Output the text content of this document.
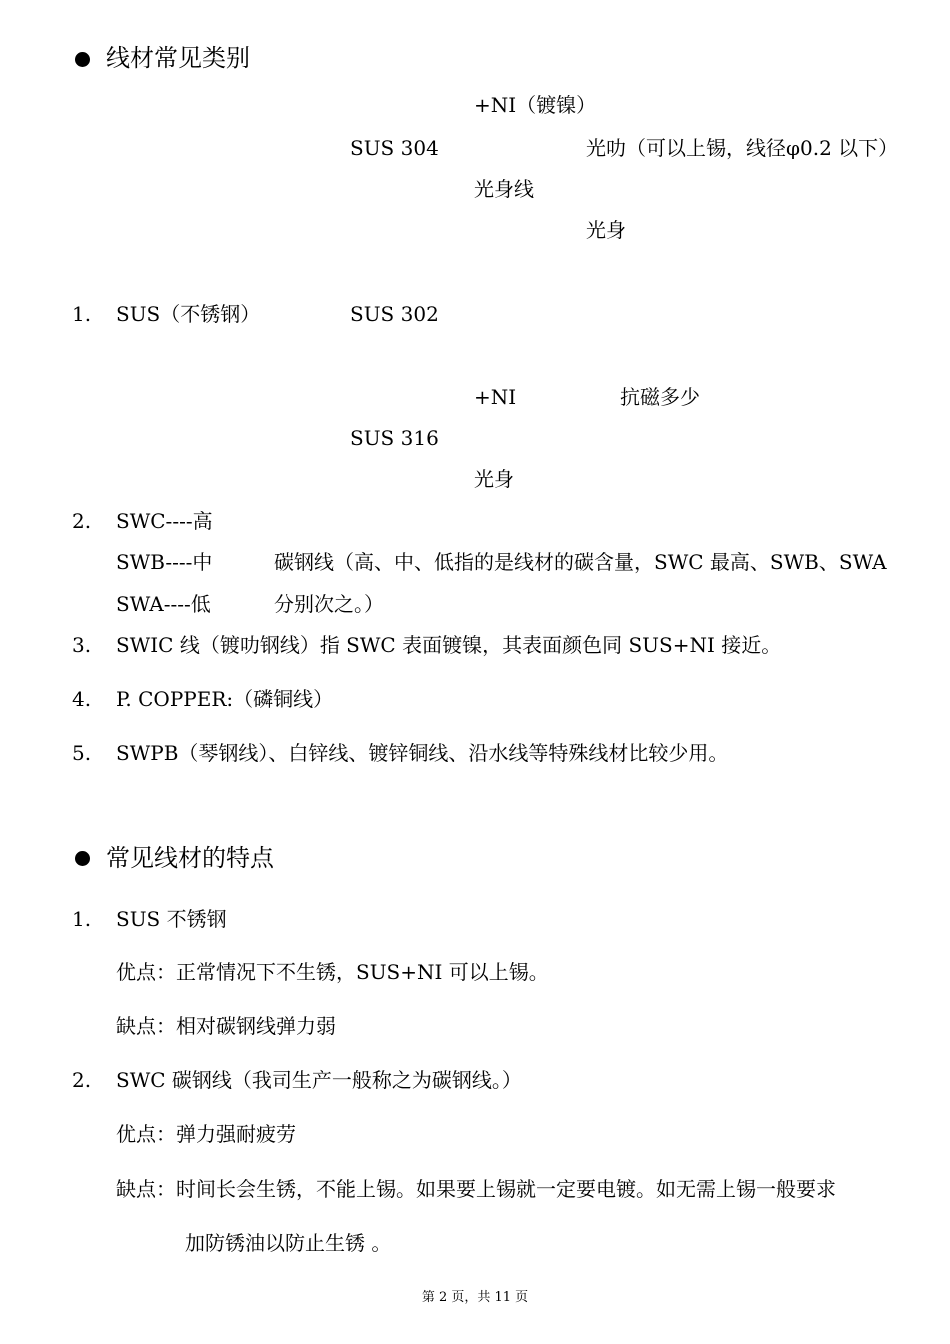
线材常见类别
+NI（镀镍）
SUS 304	光叻（可以上锡，线径φ0.2 以下）
光身线
光身
1. SUS（不锈钢）	SUS 302
+NI	抗磁多少
SUS 316
光身
2. SWC----高
SWB----中	碳钢线（高、中、低指的是线材的碳含量，SWC 最高、SWB、SWA
SWA----低	分别次之。）
3. SWIC 线（镀叻钢线）指 SWC 表面镀镍，其表面颜色同 SUS+NI 接近。
4. P. COPPER:（磷铜线）
5. SWPB（琴钢线）、白锌线、镀锌铜线、沿水线等特殊线材比较少用。
常见线材的特点
1. SUS 不锈钢
优点：正常情况下不生锈，SUS+NI 可以上锡。
缺点：相对碳钢线弹力弱
2. SWC 碳钢线（我司生产一般称之为碳钢线。）
优点：弹力强耐疲劳
缺点：时间长会生锈，不能上锡。如果要上锡就一定要电镀。如无需上锡一般要求
加防锈油以防止生锈 。
第 2 页，共 11 页
